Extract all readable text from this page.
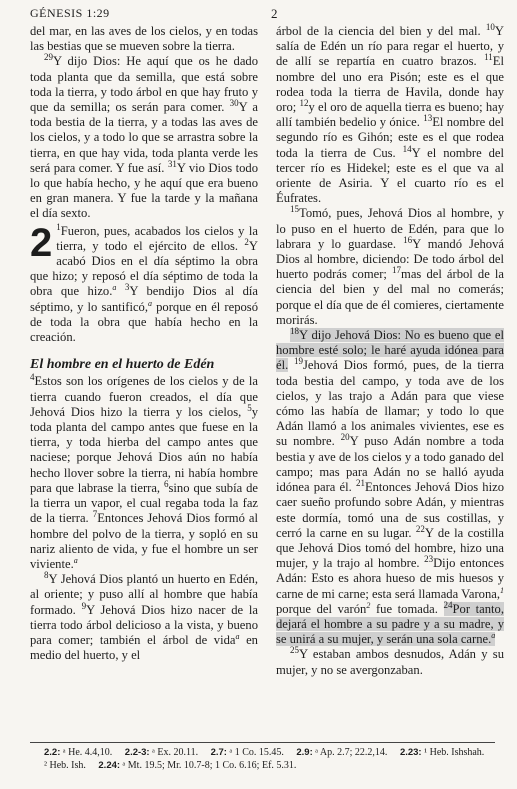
GÉNESIS 1:29	2

del mar, en las aves de los cielos, y en todas las bestias que se mueven sobre la tierra.

$^{29}$Y dijo Dios: He aquí que os he dado toda planta que da semilla, que está sobre toda la tierra, y todo árbol en que hay fruto y que da semilla; os serán para comer. $^{30}$Y a toda bestia de la tierra, y a todas las aves de los cielos, y a todo lo que se arrastra sobre la tierra, en que hay vida, toda planta verde les será para comer. Y fue así. $^{31}$Y vio Dios todo lo que había hecho, y he aquí que era bueno en gran manera. Y fue la tarde y la mañana el día sexto.

2 $^1$Fueron, pues, acabados los cielos y la tierra, y todo el ejército de ellos. $^2$Y acabó Dios en el día séptimo la obra que hizo; y reposó el día séptimo de toda la obra que hizo.$^a$ $^3$Y bendijo Dios al día séptimo, y lo santificó,$^a$ porque en él reposó de toda la obra que había hecho en la creación.

El hombre en el huerto de Edén

$^4$Estos son los orígenes de los cielos y de la tierra cuando fueron creados, el día que Jehová Dios hizo la tierra y los cielos, $^5$y toda planta del campo antes que fuese en la tierra, y toda hierba del campo antes que naciese; porque Jehová Dios aún no había hecho llover sobre la tierra, ni había hombre para que labrase la tierra, $^6$sino que subía de la tierra un vapor, el cual regaba toda la faz de la tierra. $^7$Entonces Jehová Dios formó al hombre del polvo de la tierra, y sopló en su nariz aliento de vida, y fue el hombre un ser viviente.$^a$

$^8$Y Jehová Dios plantó un huerto en Edén, al oriente; y puso allí al hombre que había formado. $^9$Y Jehová Dios hizo nacer de la tierra todo árbol delicioso a la vista, y bueno para comer; también el árbol de vida$^a$ en medio del huerto, y el

árbol de la ciencia del bien y del mal. $^{10}$Y salía de Edén un río para regar el huerto, y de allí se repartía en cuatro brazos. $^{11}$El nombre del uno era Pisón; este es el que rodea toda la tierra de Havila, donde hay oro; $^{12}$y el oro de aquella tierra es bueno; hay allí también bedelio y ónice. $^{13}$El nombre del segundo río es Gihón; este es el que rodea toda la tierra de Cus. $^{14}$Y el nombre del tercer río es Hidekel; este es el que va al oriente de Asiria. Y el cuarto río es el Éufrates.

$^{15}$Tomó, pues, Jehová Dios al hombre, y lo puso en el huerto de Edén, para que lo labrara y lo guardase. $^{16}$Y mandó Jehová Dios al hombre, diciendo: De todo árbol del huerto podrás comer; $^{17}$mas del árbol de la ciencia del bien y del mal no comerás; porque el día que de él comieres, ciertamente morirás.

$^{18}$Y dijo Jehová Dios: No es bueno que el hombre esté solo; le haré ayuda idónea para él. $^{19}$Jehová Dios formó, pues, de la tierra toda bestia del campo, y toda ave de los cielos, y las trajo a Adán para que viese cómo las había de llamar; y todo lo que Adán llamó a los animales vivientes, ese es su nombre. $^{20}$Y puso Adán nombre a toda bestia y ave de los cielos y a todo ganado del campo; mas para Adán no se halló ayuda idónea para él. $^{21}$Entonces Jehová Dios hizo caer sueño profundo sobre Adán, y mientras este dormía, tomó una de sus costillas, y cerró la carne en su lugar. $^{22}$Y de la costilla que Jehová Dios tomó del hombre, hizo una mujer, y la trajo al hombre. $^{23}$Dijo entonces Adán: Esto es ahora hueso de mis huesos y carne de mi carne; esta será llamada Varona,$^1$ porque del varón$^2$ fue tomada. $^{24}$Por tanto, dejará el hombre a su padre y a su madre, y se unirá a su mujer, y serán una sola carne.$^a$

$^{25}$Y estaban ambos desnudos, Adán y su mujer, y no se avergonzaban.

2.2: ᵃ He. 4.4,10. 2.2-3: ᵃ Ex. 20.11. 2.7: ᵃ 1 Co. 15.45. 2.9: ᵃ Ap. 2.7; 22.2,14. 2.23: ¹ Heb. Ishshah.
² Heb. Ish. 2.24: ᵃ Mt. 19.5; Mr. 10.7-8; 1 Co. 6.16; Ef. 5.31.
